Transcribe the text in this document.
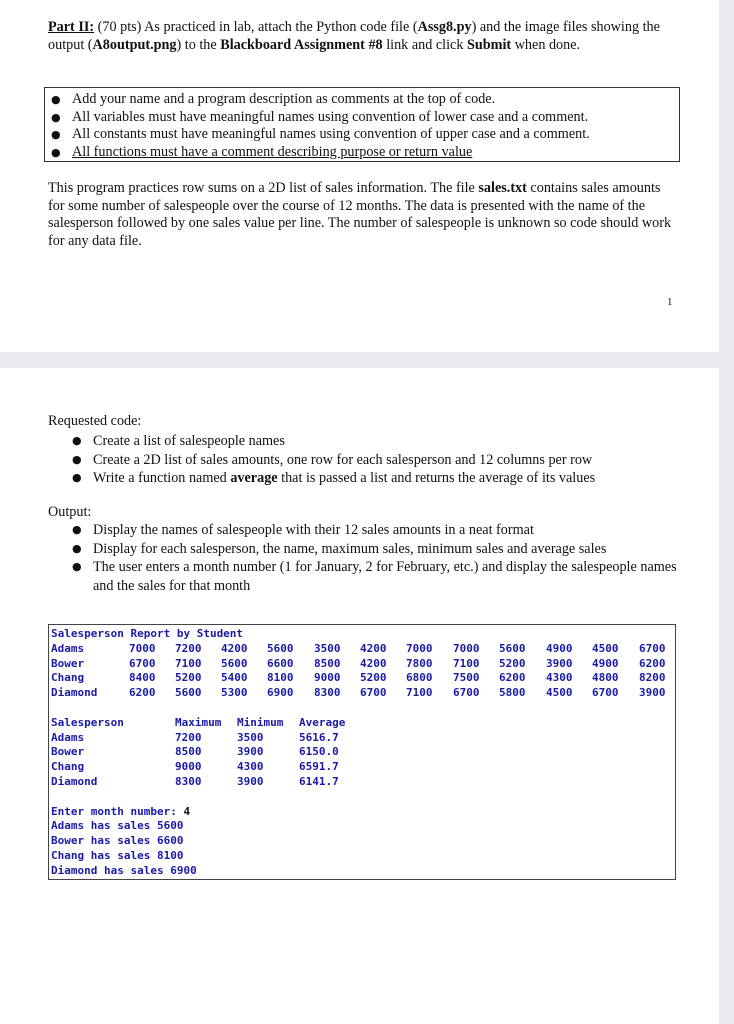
Part II: (70 pts) As practiced in lab, attach the Python code file (Assg8.py) and the image files showing the output (A8output.png) to the Blackboard Assignment #8 link and click Submit when done.
● Add your name and a program description as comments at the top of code.
● All variables must have meaningful names using convention of lower case and a comment.
● All constants must have meaningful names using convention of upper case and a comment.
● All functions must have a comment describing purpose or return value
This program practices row sums on a 2D list of sales information. The file sales.txt contains sales amounts for some number of salespeople over the course of 12 months. The data is presented with the name of the salesperson followed by one sales value per line. The number of salespeople is unknown so code should work for any data file.
1
Requested code:
● Create a list of salespeople names
● Create a 2D list of sales amounts, one row for each salesperson and 12 columns per row
● Write a function named average that is passed a list and returns the average of its values
Output:
● Display the names of salespeople with their 12 sales amounts in a neat format
● Display for each salesperson, the name, maximum sales, minimum sales and average sales
● The user enters a month number (1 for January, 2 for February, etc.) and display the salespeople names and the sales for that month
Salesperson Report by Student
Adams	7000 7200 4200 5600 3500 4200 7000 7000 5600 4900 4500 6700
Bower	6700 7100 5600 6600 8500 4200 7800 7100 5200 3900 4900 6200
Chang	8400 5200 5400 8100 9000 5200 6800 7500 6200 4300 4800 8200
Diamond	6200 5600 5300 6900 8300 6700 7100 6700 5800 4500 6700 3900
Salesperson	Maximum Minimum Average
Adams	7200	3500	5616.7
Bower	8500	3900	6150.0
Chang	9000	4300	6591.7
Diamond	8300	3900	6141.7
Enter month number: 4
Adams has sales 5600
Bower has sales 6600
Chang has sales 8100
Diamond has sales 6900
